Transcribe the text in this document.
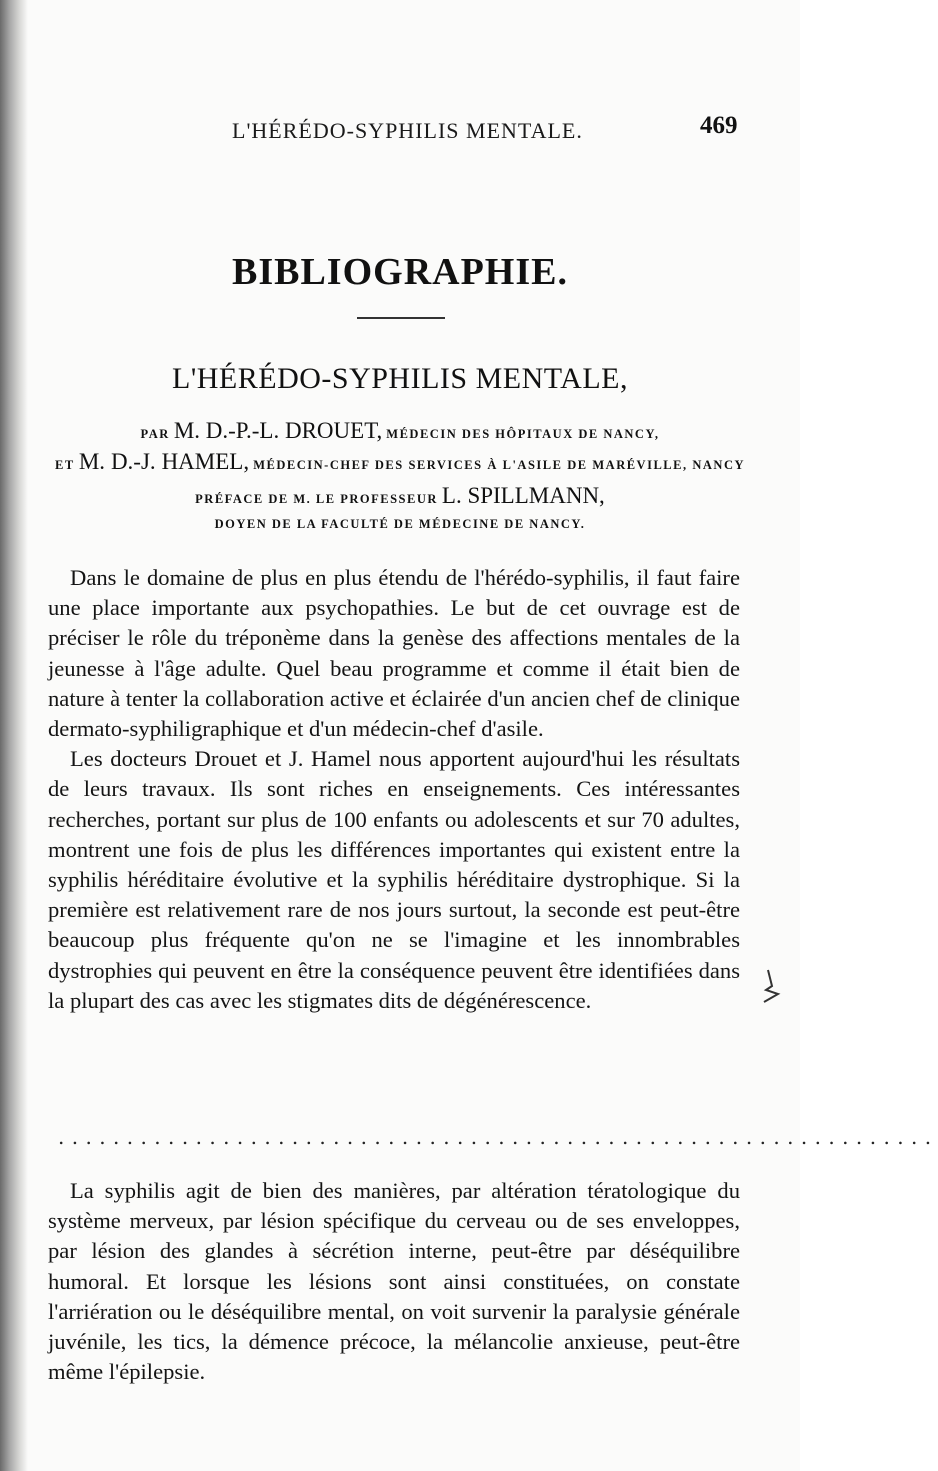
L'HÉRÉDO-SYPHILIS MENTALE.	469
BIBLIOGRAPHIE.
L'HÉRÉDO-SYPHILIS MENTALE,
PAR M. D.-P.-L. DROUET, MÉDECIN DES HÔPITAUX DE NANCY,
ET M. D.-J. HAMEL, MÉDECIN-CHEF DES SERVICES À L'ASILE DE MARÉVILLE, NANCY
PRÉFACE DE M. LE PROFESSEUR L. SPILLMANN,
DOYEN DE LA FACULTÉ DE MÉDECINE DE NANCY.

Dans le domaine de plus en plus étendu de l'hérédo-syphilis, il faut faire une place importante aux psychopathies. Le but de cet ouvrage est de préciser le rôle du tréponème dans la genèse des affections mentales de la jeunesse à l'âge adulte. Quel beau programme et comme il était bien de nature à tenter la collaboration active et éclairée d'un ancien chef de clinique dermato-syphiligraphique et d'un médecin-chef d'asile.

Les docteurs Drouet et J. Hamel nous apportent aujourd'hui les résultats de leurs travaux. Ils sont riches en enseignements. Ces intéressantes recherches, portant sur plus de 100 enfants ou adolescents et sur 70 adultes, montrent une fois de plus les différences importantes qui existent entre la syphilis héréditaire évolutive et la syphilis héréditaire dystrophique. Si la première est relativement rare de nos jours surtout, la seconde est peut-être beaucoup plus fréquente qu'on ne se l'imagine et les innombrables dystrophies qui peuvent en être la conséquence peuvent être identifiées dans la plupart des cas avec les stigmates dits de dégénérescence.

................................................................

La syphilis agit de bien des manières, par altération tératologique du système merveux, par lésion spécifique du cerveau ou de ses enveloppes, par lésion des glandes à sécrétion interne, peut-être par déséquilibre humoral. Et lorsque les lésions sont ainsi constituées, on constate l'arriération ou le déséquilibre mental, on voit survenir la paralysie générale juvénile, les tics, la démence précoce, la mélancolie anxieuse, peut-être même l'épilepsie.
